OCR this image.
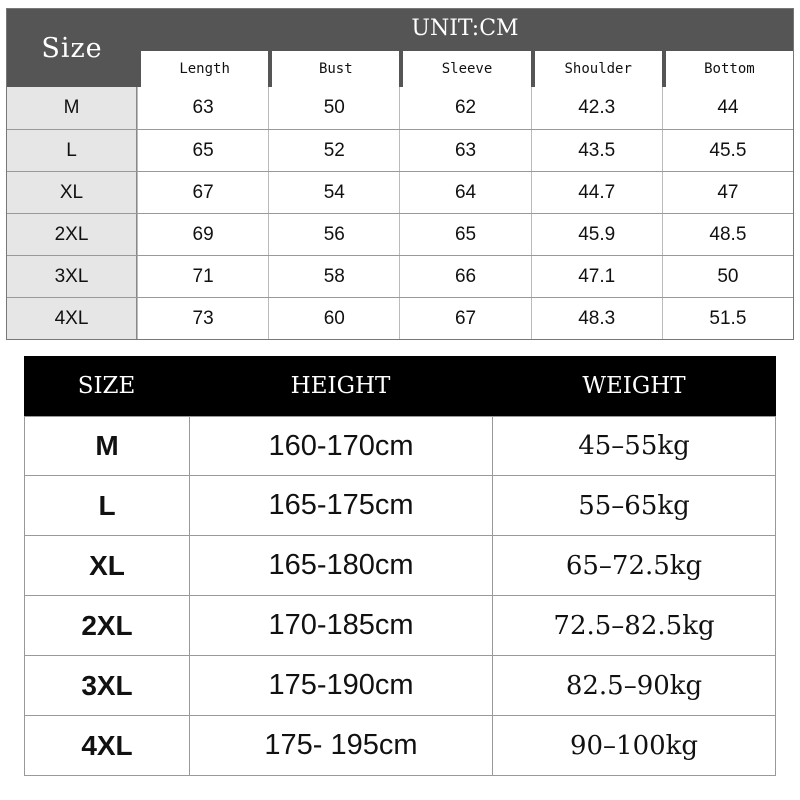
Size
UNIT:CM
Length	Bust	Sleeve	Shoulder	Bottom
M	63	50	62	42.3	44
L	65	52	63	43.5	45.5
XL	67	54	64	44.7	47
2XL	69	56	65	45.9	48.5
3XL	71	58	66	47.1	50
4XL	73	60	67	48.3	51.5
SIZE	HEIGHT	WEIGHT
M	160-170cm	45–55kg
L	165-175cm	55–65kg
XL	165-180cm	65–72.5kg
2XL	170-185cm	72.5–82.5kg
3XL	175-190cm	82.5–90kg
4XL	175- 195cm	90–100kg
